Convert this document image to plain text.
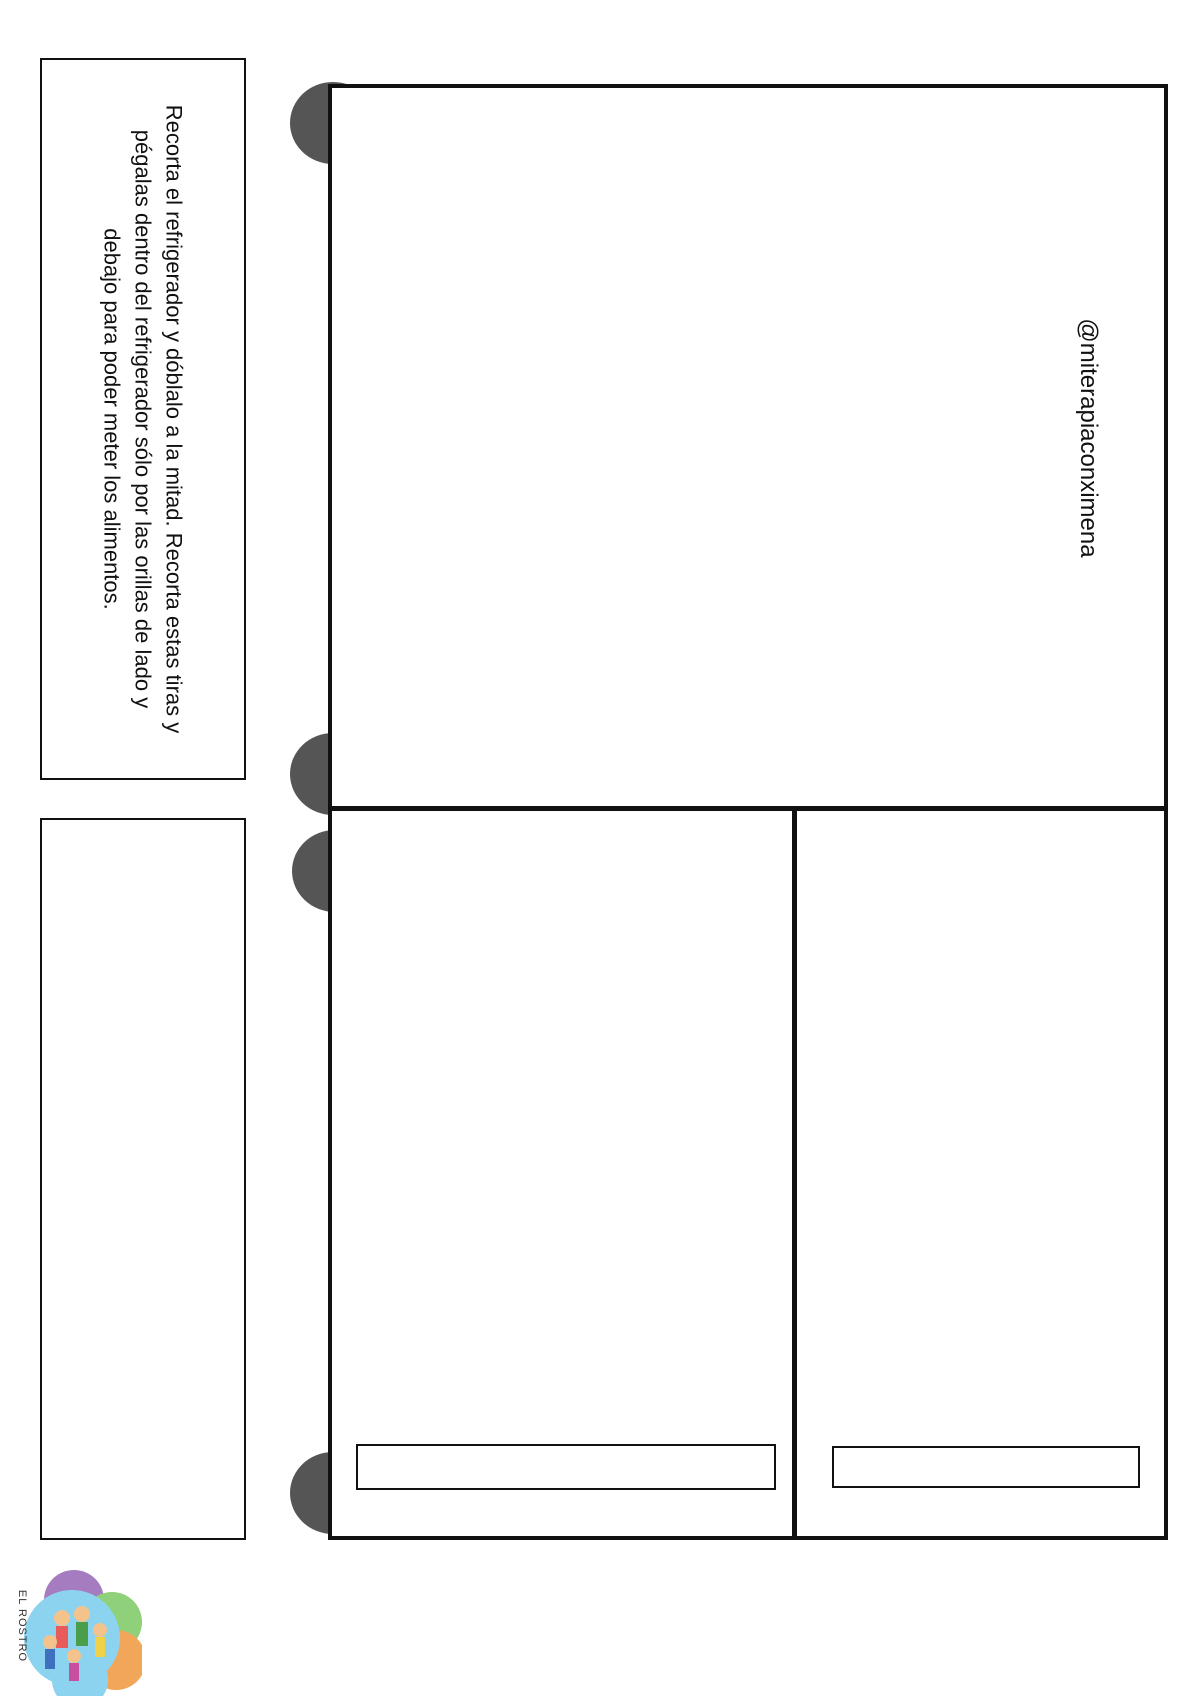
Recorta el refrigerador y dóblalo a la mitad. Recorta estas tiras y pégalas dentro del refrigerador sólo por las orillas de lado y debajo para poder meter los alimentos.	@miterapiaconximena
EL ROSTRO
